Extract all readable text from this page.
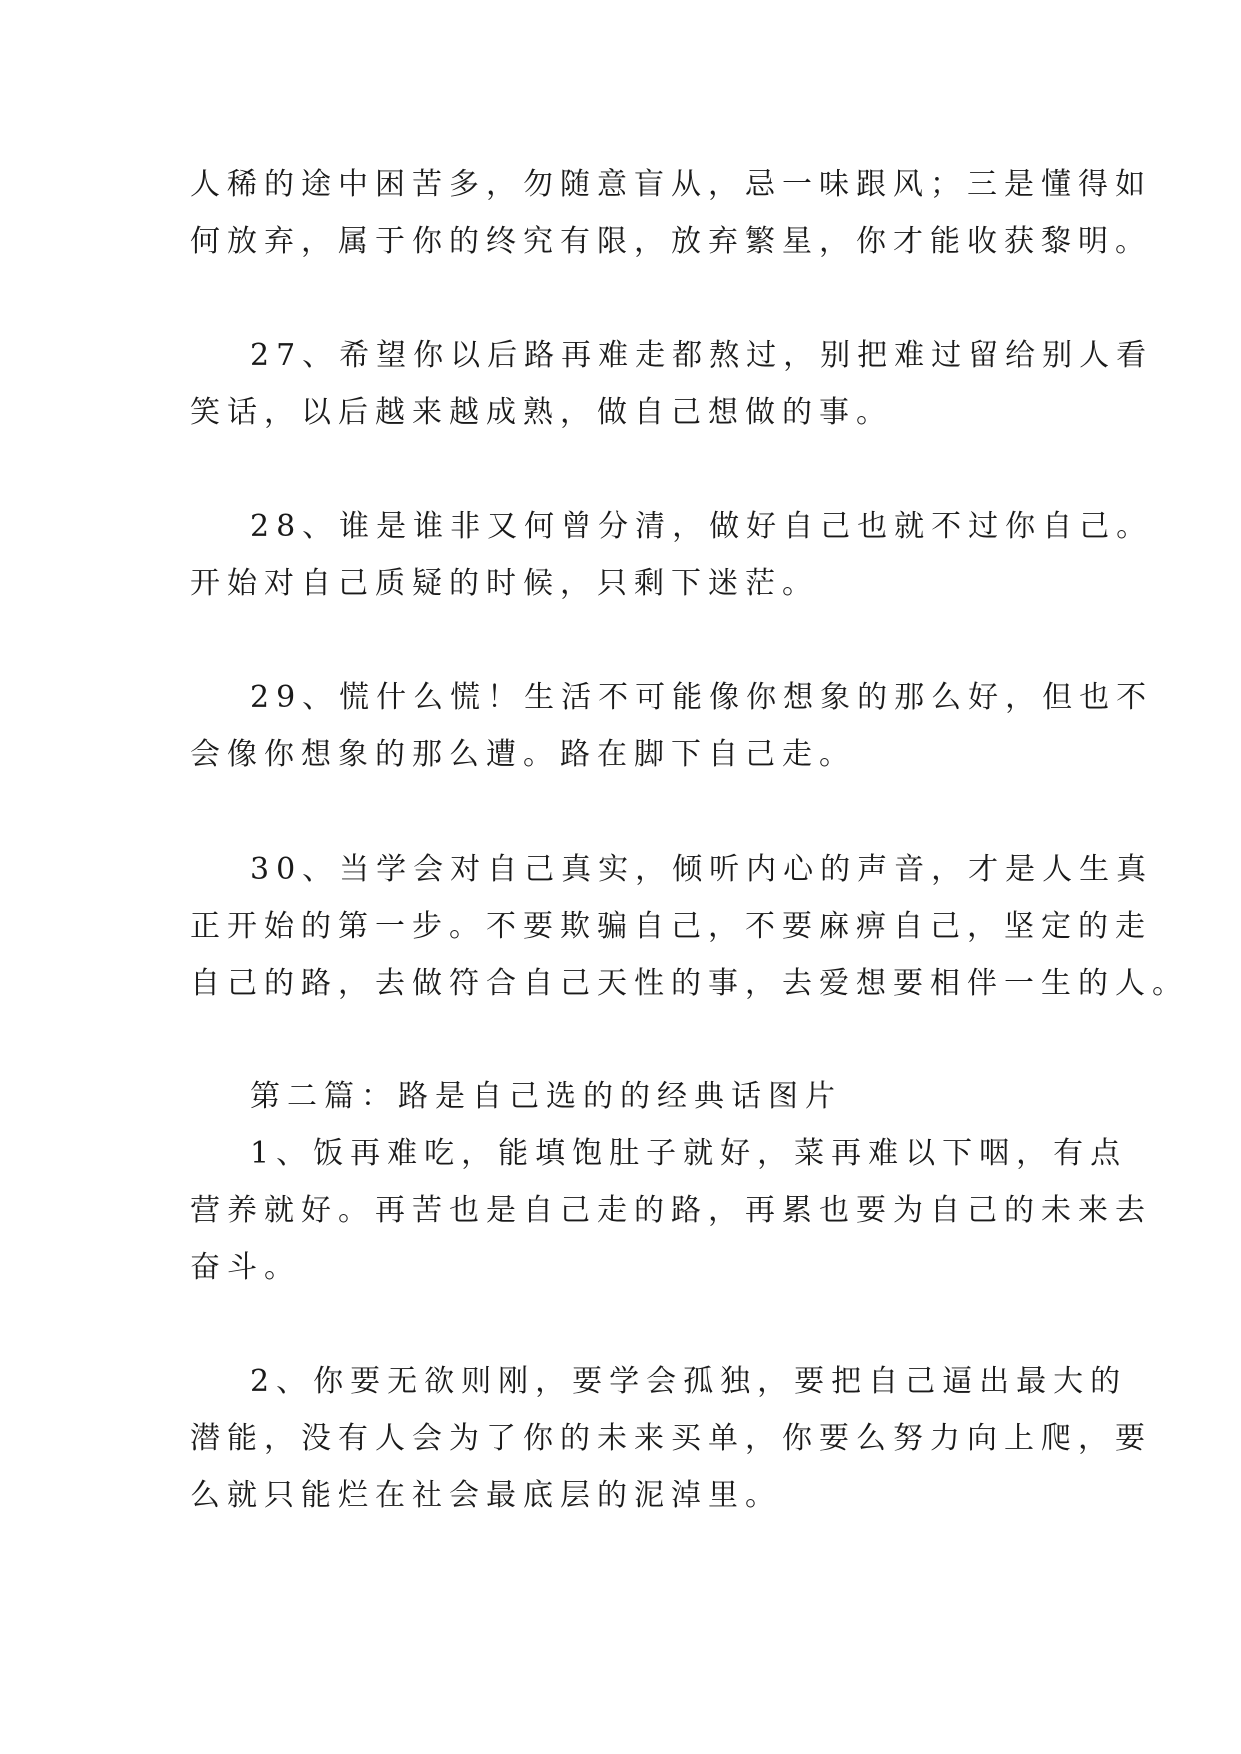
人稀的途中困苦多，勿随意盲从，忌一味跟风；三是懂得如
何放弃，属于你的终究有限，放弃繁星，你才能收获黎明。
27、希望你以后路再难走都熬过，别把难过留给别人看
笑话，以后越来越成熟，做自己想做的事。
28、谁是谁非又何曾分清，做好自己也就不过你自己。
开始对自己质疑的时候，只剩下迷茫。
29、慌什么慌！生活不可能像你想象的那么好，但也不
会像你想象的那么遭。路在脚下自己走。
30、当学会对自己真实，倾听内心的声音，才是人生真
正开始的第一步。不要欺骗自己，不要麻痹自己，坚定的走
自己的路，去做符合自己天性的事，去爱想要相伴一生的人。
第二篇：路是自己选的的经典话图片
1、饭再难吃，能填饱肚子就好，菜再难以下咽，有点
营养就好。再苦也是自己走的路，再累也要为自己的未来去
奋斗。
2、你要无欲则刚，要学会孤独，要把自己逼出最大的
潜能，没有人会为了你的未来买单，你要么努力向上爬，要
么就只能烂在社会最底层的泥淖里。
